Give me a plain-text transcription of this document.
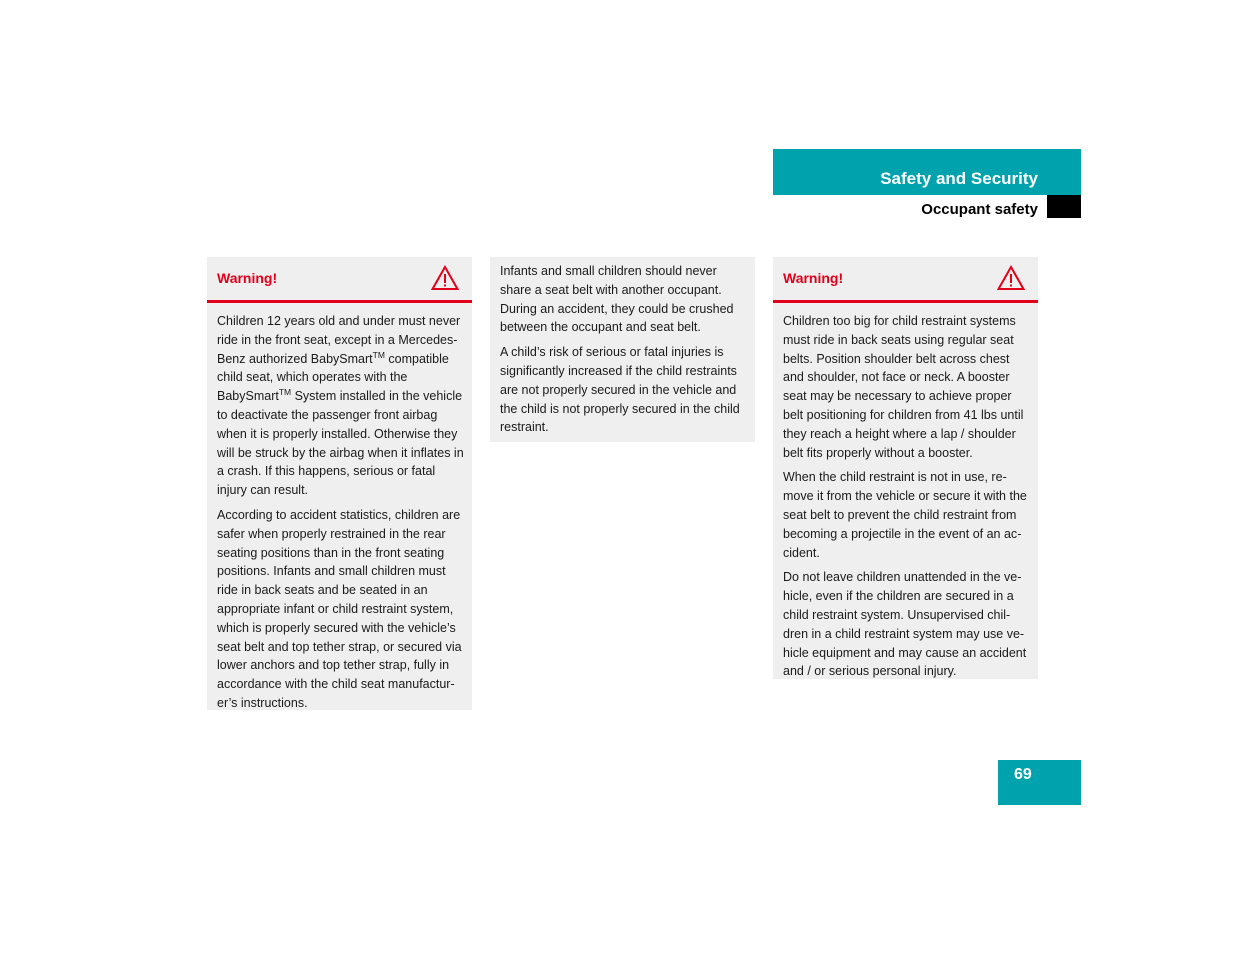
Safety and Security
Occupant safety
Warning!

Children 12 years old and under must never ride in the front seat, except in a Mercedes-Benz authorized BabySmart™ compatible child seat, which operates with the BabySmart™ System installed in the vehicle to deactivate the passenger front airbag when it is properly installed. Otherwise they will be struck by the airbag when it inflates in a crash. If this happens, serious or fatal injury can result.

According to accident statistics, children are safer when properly restrained in the rear seating positions than in the front seating positions. Infants and small children must ride in back seats and be seated in an appropriate infant or child restraint system, which is properly secured with the vehicle’s seat belt and top tether strap, or secured via lower anchors and top tether strap, fully in accordance with the child seat manufacturer’s instructions.

Infants and small children should never share a seat belt with another occupant. During an accident, they could be crushed between the occupant and seat belt.

A child’s risk of serious or fatal injuries is significantly increased if the child restraints are not properly secured in the vehicle and the child is not properly secured in the child restraint.

Warning!

Children too big for child restraint systems must ride in back seats using regular seat belts. Position shoulder belt across chest and shoulder, not face or neck. A booster seat may be necessary to achieve proper belt positioning for children from 41 lbs until they reach a height where a lap / shoulder belt fits properly without a booster.

When the child restraint is not in use, remove it from the vehicle or secure it with the seat belt to prevent the child restraint from becoming a projectile in the event of an accident.

Do not leave children unattended in the vehicle, even if the children are secured in a child restraint system. Unsupervised children in a child restraint system may use vehicle equipment and may cause an accident and / or serious personal injury.

69
